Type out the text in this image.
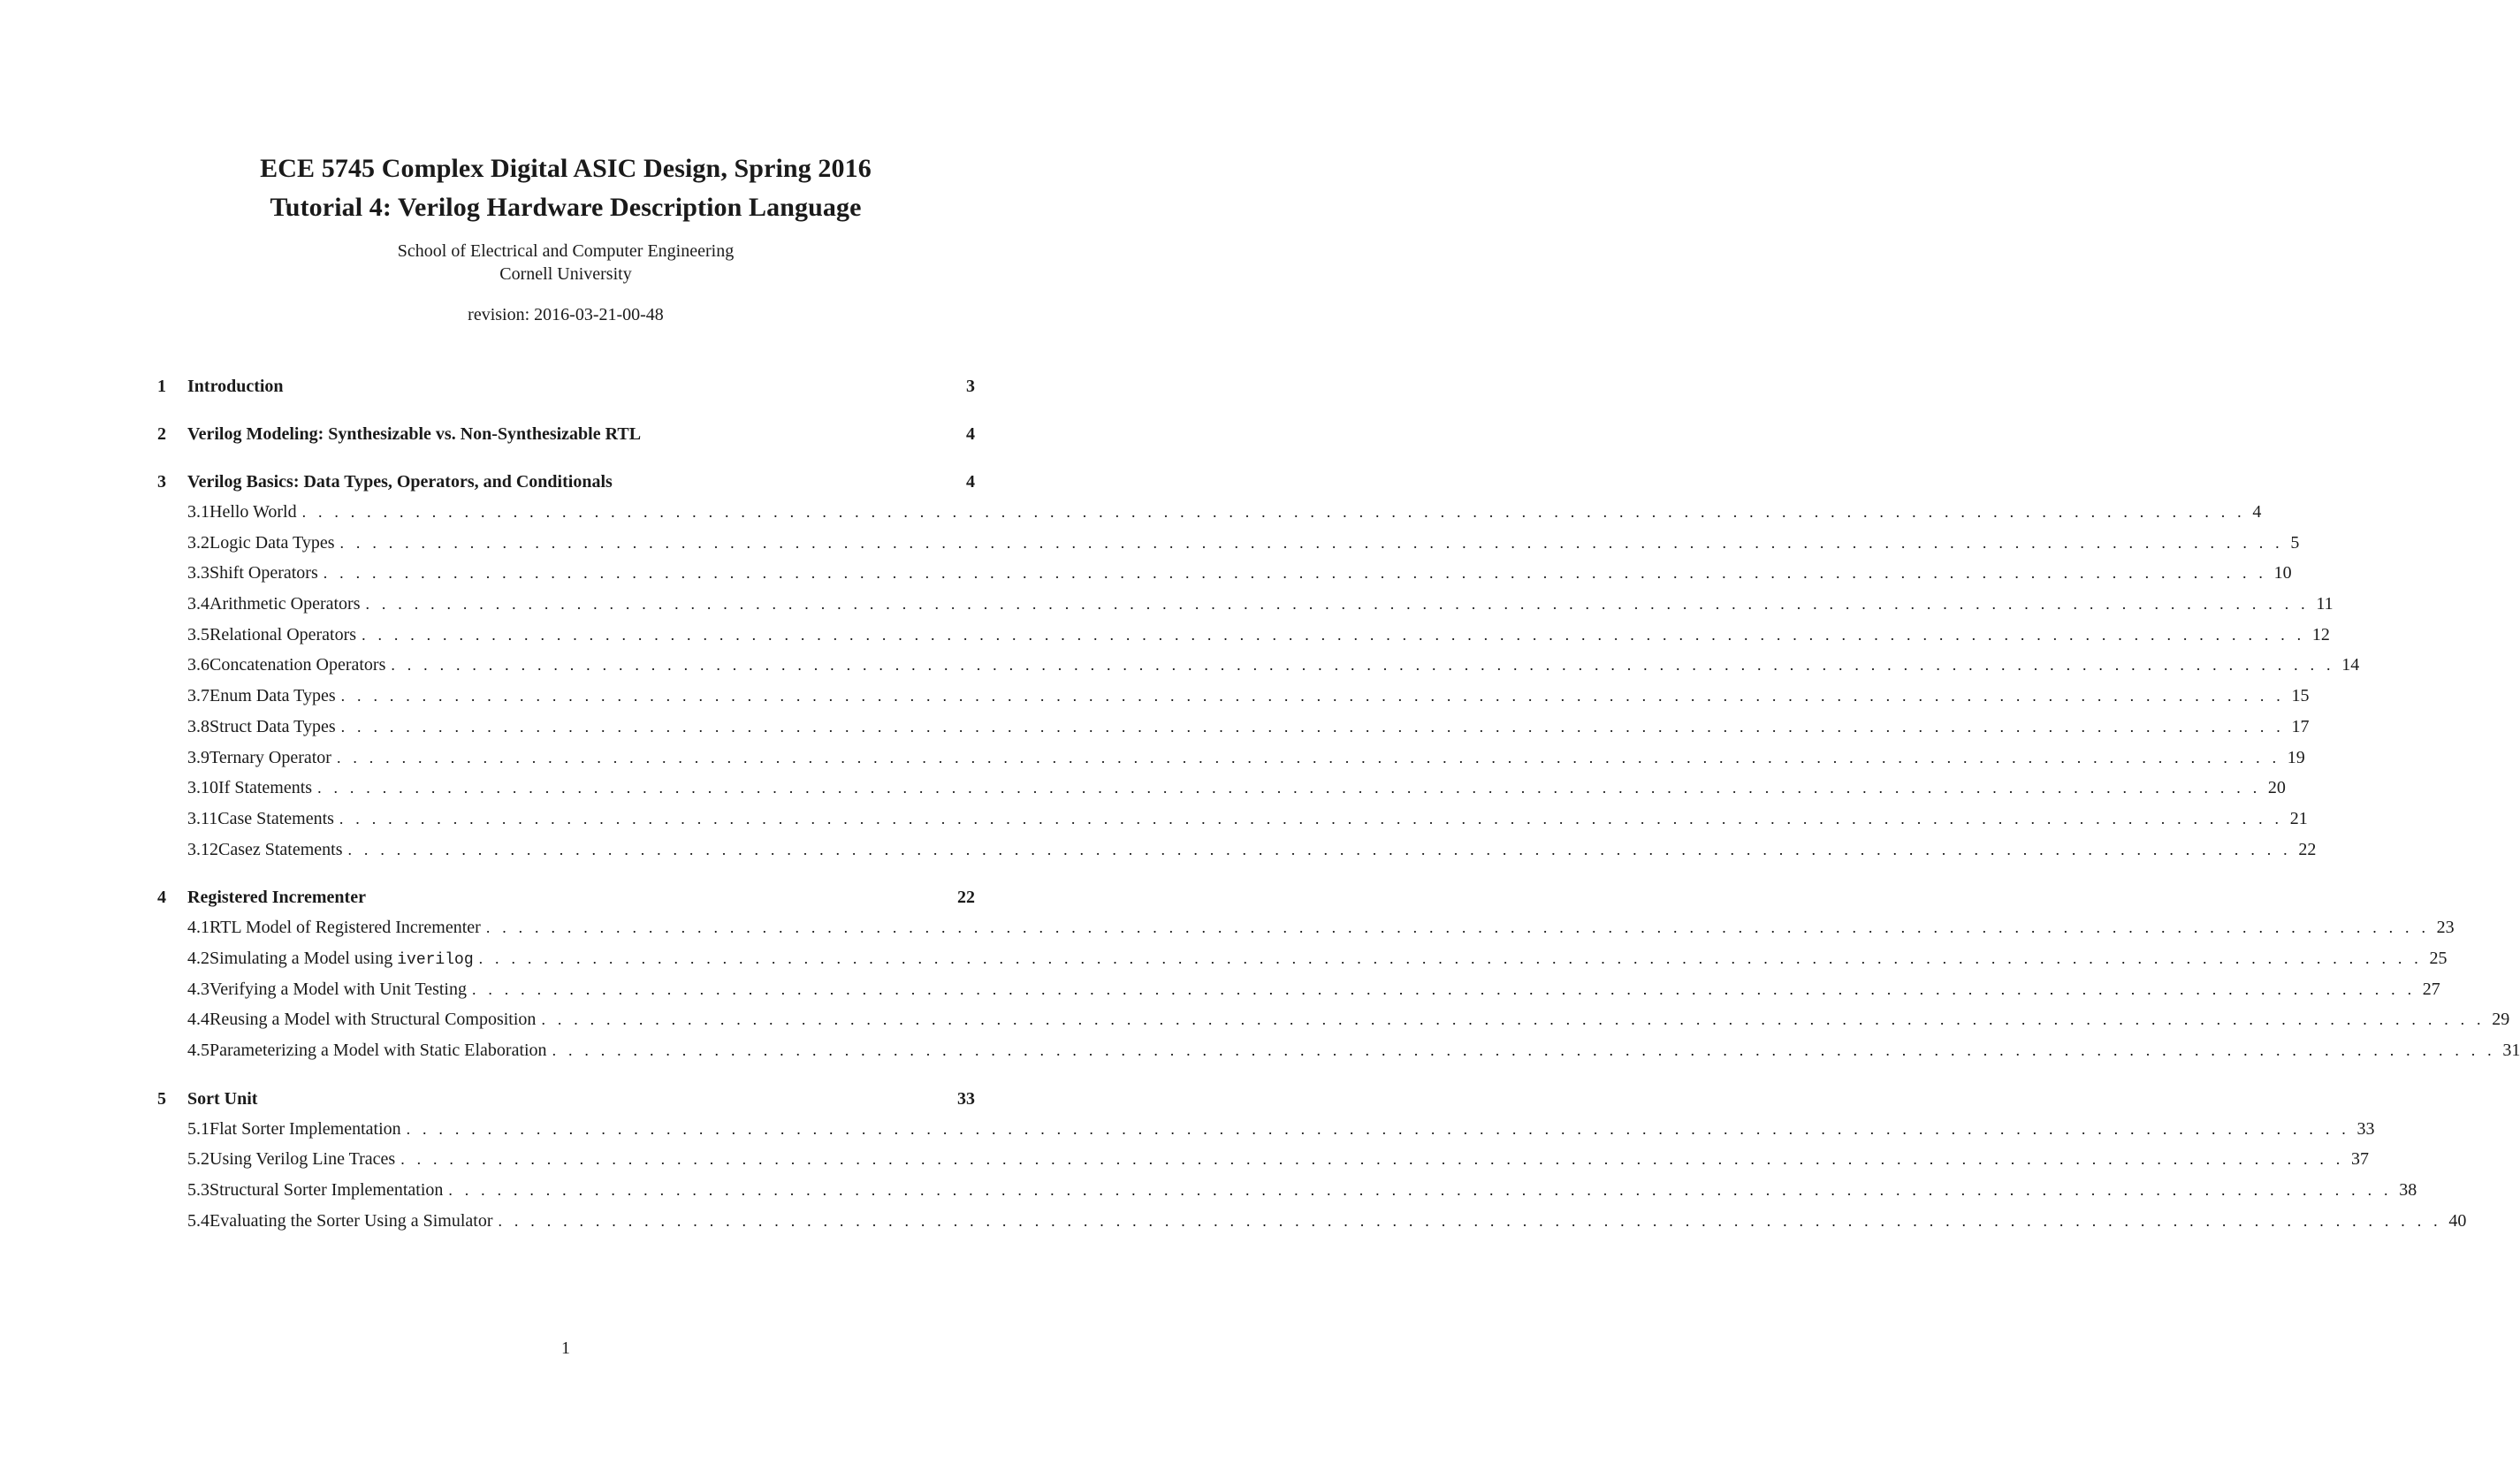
ECE 5745 Complex Digital ASIC Design, Spring 2016
Tutorial 4: Verilog Hardware Description Language
School of Electrical and Computer Engineering
Cornell University
revision: 2016-03-21-00-48
1	Introduction	3
2	Verilog Modeling: Synthesizable vs. Non-Synthesizable RTL	4
3	Verilog Basics: Data Types, Operators, and Conditionals	4
3.1 Hello World . . . . . . . . . . . . . . . . . . . . . . . . . . . . . . . . . . . . . . . . . . . . . . . . . . . . . . . . . . . . . . . . . . . . . . . . . . . . . . . . . . . . . . . . . . . . . . . . . . . . . . . . . . . . . . . . . . . . . . . . 4
3.2 Logic Data Types . . . . . . . . . . . . . . . . . . . . . . . . . . . . . . . . . . . . . . . . . . . . . . . . . . . . . . . . . . . . . . . . . . . . . . . . . . . . . . . . . . . . . . . . . . . . . . . . . . . . . . . . . . . . . . . . . . . . . . . . 5
3.3 Shift Operators . . . . . . . . . . . . . . . . . . . . . . . . . . . . . . . . . . . . . . . . . . . . . . . . . . . . . . . . . . . . . . . . . . . . . . . . . . . . . . . . . . . . . . . . . . . . . . . . . . . . . . . . . . . . . . . . . . . . . . . . 10
3.4 Arithmetic Operators . . . . . . . . . . . . . . . . . . . . . . . . . . . . . . . . . . . . . . . . . . . . . . . . . . . . . . . . . . . . . . . . . . . . . . . . . . . . . . . . . . . . . . . . . . . . . . . . . . . . . . . . . . . . . . . . . . . . . . . . 11
3.5 Relational Operators . . . . . . . . . . . . . . . . . . . . . . . . . . . . . . . . . . . . . . . . . . . . . . . . . . . . . . . . . . . . . . . . . . . . . . . . . . . . . . . . . . . . . . . . . . . . . . . . . . . . . . . . . . . . . . . . . . . . . . . . 12
3.6 Concatenation Operators . . . . . . . . . . . . . . . . . . . . . . . . . . . . . . . . . . . . . . . . . . . . . . . . . . . . . . . . . . . . . . . . . . . . . . . . . . . . . . . . . . . . . . . . . . . . . . . . . . . . . . . . . . . . . . . . . . . . . . . . 14
3.7 Enum Data Types . . . . . . . . . . . . . . . . . . . . . . . . . . . . . . . . . . . . . . . . . . . . . . . . . . . . . . . . . . . . . . . . . . . . . . . . . . . . . . . . . . . . . . . . . . . . . . . . . . . . . . . . . . . . . . . . . . . . . . . . 15
3.8 Struct Data Types . . . . . . . . . . . . . . . . . . . . . . . . . . . . . . . . . . . . . . . . . . . . . . . . . . . . . . . . . . . . . . . . . . . . . . . . . . . . . . . . . . . . . . . . . . . . . . . . . . . . . . . . . . . . . . . . . . . . . . . . 17
3.9 Ternary Operator . . . . . . . . . . . . . . . . . . . . . . . . . . . . . . . . . . . . . . . . . . . . . . . . . . . . . . . . . . . . . . . . . . . . . . . . . . . . . . . . . . . . . . . . . . . . . . . . . . . . . . . . . . . . . . . . . . . . . . . . 19
3.10 If Statements . . . . . . . . . . . . . . . . . . . . . . . . . . . . . . . . . . . . . . . . . . . . . . . . . . . . . . . . . . . . . . . . . . . . . . . . . . . . . . . . . . . . . . . . . . . . . . . . . . . . . . . . . . . . . . . . . . . . . . . . 20
3.11 Case Statements . . . . . . . . . . . . . . . . . . . . . . . . . . . . . . . . . . . . . . . . . . . . . . . . . . . . . . . . . . . . . . . . . . . . . . . . . . . . . . . . . . . . . . . . . . . . . . . . . . . . . . . . . . . . . . . . . . . . . . . . 21
3.12 Casez Statements . . . . . . . . . . . . . . . . . . . . . . . . . . . . . . . . . . . . . . . . . . . . . . . . . . . . . . . . . . . . . . . . . . . . . . . . . . . . . . . . . . . . . . . . . . . . . . . . . . . . . . . . . . . . . . . . . . . . . . . . 22
4	Registered Incrementer	22
4.1 RTL Model of Registered Incrementer . . . . . . . . . . . . . . . . . . . . . . . . . . . . . . . . . . . . . . . . . . . . . . . . . . . . . . . . . . . . . . . . . . . . . . . . . . . . . . . . . . . . . . . . . . . . . . . . . . . . . . . . . . . . . . . . . . . . . . . . 23
4.2 Simulating a Model using iverilog . . . . . . . . . . . . . . . . . . . . . . . . . . . . . . . . . . . . . . . . . . . . . . . . . . . . . . . . . . . . . . . . . . . . . . . . . . . . . . . . . . . . . . . . . . . . . . . . . . . . . . . . . . . . . . . . . . . . . . . . 25
4.3 Verifying a Model with Unit Testing . . . . . . . . . . . . . . . . . . . . . . . . . . . . . . . . . . . . . . . . . . . . . . . . . . . . . . . . . . . . . . . . . . . . . . . . . . . . . . . . . . . . . . . . . . . . . . . . . . . . . . . . . . . . . . . . . . . . . . . . 27
4.4 Reusing a Model with Structural Composition . . . . . . . . . . . . . . . . . . . . . . . . . . . . . . . . . . . . . . . . . . . . . . . . . . . . . . . . . . . . . . . . . . . . . . . . . . . . . . . . . . . . . . . . . . . . . . . . . . . . . . . . . . . . . . . . . . . . . . . . 29
4.5 Parameterizing a Model with Static Elaboration . . . . . . . . . . . . . . . . . . . . . . . . . . . . . . . . . . . . . . . . . . . . . . . . . . . . . . . . . . . . . . . . . . . . . . . . . . . . . . . . . . . . . . . . . . . . . . . . . . . . . . . . . . . . . . . . . . . . . . . . 31
5	Sort Unit	33
5.1 Flat Sorter Implementation . . . . . . . . . . . . . . . . . . . . . . . . . . . . . . . . . . . . . . . . . . . . . . . . . . . . . . . . . . . . . . . . . . . . . . . . . . . . . . . . . . . . . . . . . . . . . . . . . . . . . . . . . . . . . . . . . . . . . . . . 33
5.2 Using Verilog Line Traces . . . . . . . . . . . . . . . . . . . . . . . . . . . . . . . . . . . . . . . . . . . . . . . . . . . . . . . . . . . . . . . . . . . . . . . . . . . . . . . . . . . . . . . . . . . . . . . . . . . . . . . . . . . . . . . . . . . . . . . . 37
5.3 Structural Sorter Implementation . . . . . . . . . . . . . . . . . . . . . . . . . . . . . . . . . . . . . . . . . . . . . . . . . . . . . . . . . . . . . . . . . . . . . . . . . . . . . . . . . . . . . . . . . . . . . . . . . . . . . . . . . . . . . . . . . . . . . . . . 38
5.4 Evaluating the Sorter Using a Simulator . . . . . . . . . . . . . . . . . . . . . . . . . . . . . . . . . . . . . . . . . . . . . . . . . . . . . . . . . . . . . . . . . . . . . . . . . . . . . . . . . . . . . . . . . . . . . . . . . . . . . . . . . . . . . . . . . . . . . . . . 40
1
